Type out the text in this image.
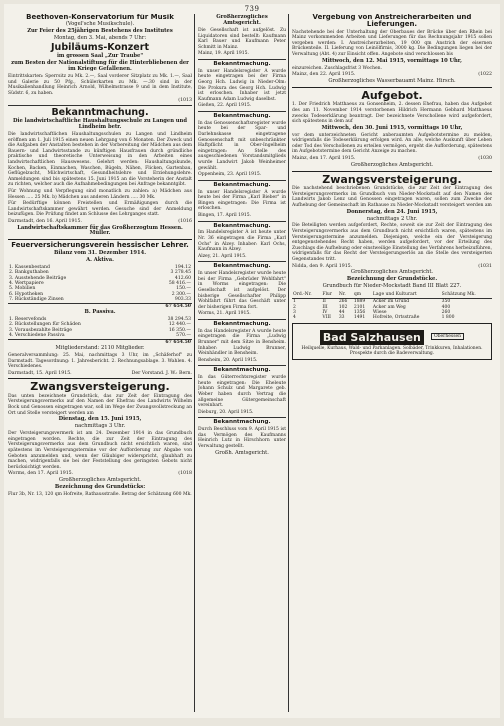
739

Beethoven-Konservatorium für Musik

(Vogel'sche Musikschule).

Zur Feier des 25jährigen Bestehens des Institutes

Montag, den 3. Mai, abends 7 Uhr:

Jubiläums-Konzert

im grossen Saal „Zur Traube"

zum Besten der Nationalstiftung für die Hinterbliebenen der im Kriege Gefallenen.

Eintrittskarten: Sperrsitz zu Mk. 2.—, Saal vorderer Sitzplatz zu Mk. 1.—, Saal und Galerie zu 50 Pfg., Schülerkarten zu Mk. —.30 sind in der Musikalienhandlung Heinrich Arnold, Wilhelmstrasse 9 und in dem Institute, Südstr. 6, zu haben.

(1013

Bekanntmachung.

Die landwirtschaftliche Haushaltungsschule zu Langen und Lindheim betr.

Die landwirtschaftlichen Haushaltungsschulen zu Langen und Lindheim eröffnen am 1. Juli 1915 einen neuen Lehrgang von 6 Monaten. Der Zweck und die Aufgaben der Anstalten bestehen in der Vorbereitung der Mädchen aus dem Bauern- und Landwirtsstande zu künftigen Hausfrauen durch gründliche praktische und theoretische Unterweisung in den Arbeiten eines landwirtschaftlichen Hauswesens. Gelehrt werden: Haushaltungskunde, Kochen, Backen, Einmachen, Waschen, Bügeln, Nähen, Flicken, Gartenbau, Geflügelzucht, Milchwirtschaft, Gesundheitslehre und Erziehungslehre. Anmeldungen sind bis spätestens 15. Juni 1915 an die Vorsteherin der Anstalt zu richten, welcher auch die Aufnahmebedingungen bei Anfrage bekanntgibt.

Für Wohnung und Verpflegung sind monatlich zu zahlen: a) Mädchen aus Hessen ..... 25 Mk. b) Mädchen aus anderen Ländern ..... 30 Mk.

Für Bedürftige können Freistellen und Ermäßigungen durch die Landwirtschaftskammer gewährt werden. Gesuche sind der Anmeldung beizufügen. Die Prüfung findet am Schlusse des Lehrganges statt.

Darmstadt, den 16. April 1915.	(1016

Landwirtschaftskammer für das Großherzogtum Hessen. Müller.

Feuerversicherungsverein hessischer Lehrer.

Bilanz vom 31. Dezember 1914.

A. Aktiva.

1. Kassenbestand	194.12
2. Bankguthaben	3 278.45
3. Ausstehende Beiträge	412.60
4. Wertpapiere	58 416.—
5. Mobilien	150.—
6. Hypotheken	2 300.—
7. Rückständige Zinsen	903.33
	67 654.50

B. Passiva.

1. Reservefonds	38 294.53
2. Rückstellungen für Schäden	12 440.—
3. Vorausbezahlte Beiträge	16 350.—
4. Verschiedene Passiva	570.—
	67 654.50

Mitgliederstand: 2110 Mitglieder.

Generalversammlung: 25. Mai, nachmittags 3 Uhr, im „Schäferhof" zu Darmstadt. Tagesordnung: 1. Jahresbericht. 2. Rechnungsablage. 3. Wahlen. 4. Verschiedenes.

Darmstadt, 15. April 1915.	Der Vorstand. J. W.: Bern.

Zwangsversteigerung.

Das unten bezeichnete Grundstück, das zur Zeit der Eintragung des Versteigerungsvermerks auf den Namen der Ehefrau des Landwirts Wilhelm Bock und Genossen eingetragen war, soll im Wege der Zwangsvollstreckung an Ort und Stelle versteigert werden am

Dienstag, den 15. Juni 1915,

nachmittags 3 Uhr.

Der Versteigerungsvermerk ist am 24. Dezember 1914 in das Grundbuch eingetragen worden. Rechte, die zur Zeit der Eintragung des Versteigerungsvermerks aus dem Grundbuch nicht ersichtlich waren, sind spätestens im Versteigerungstermine vor der Aufforderung zur Abgabe von Geboten anzumelden und, wenn der Gläubiger widerspricht, glaubhaft zu machen, widrigenfalls sie bei der Feststellung des geringsten Gebots nicht berücksichtigt werden.

Worms, den 17. April 1915.	(1018

Großherzogliches Amtsgericht.

Bezeichnung des Grundstücks:

Flur 3b, Nr. 13, 120 qm Hofreite, Rathausstraße. Betrag der Schätzung 600 Mk.

Großherzogliches Amtsgericht.

Die Gesellschaft ist aufgelöst. Zu Liquidatoren sind bestellt: Kaufmann Karl Bauer und Kaufmann Peter Schmitt in Mainz.

Mainz, 19. April 1915.

Bekanntmachung.

In unser Handelsregister A wurde heute eingetragen bei der Firma Georg Hch. Ludwig in Nieder-Olm: Die Prokura des Georg Hch. Ludwig ist erloschen. Inhaber ist jetzt Kaufmann Adam Ludwig daselbst.

Gießen, 22. April 1915.

Bekanntmachung.

In das Genossenschaftsregister wurde heute bei der Spar- und Darlehnskasse eingetragene Genossenschaft mit unbeschränkter Haftpflicht in Ober-Ingelheim eingetragen: An Stelle des ausgeschiedenen Vorstandsmitglieds wurde Landwirt Jakob Weinheimer gewählt.

Oppenheim, 23. April 1915.

Bekanntmachung.

In unser Handelsregister A wurde heute bei der Firma „Karl Bieber" in Bingen eingetragen: Die Firma ist erloschen.

Bingen, 17. April 1915.

Bekanntmachung.

Im Handelsregister A ist heute unter Nr. 36 eingetragen die Firma „Karl Ochs" in Alzey. Inhaber: Karl Ochs, Kaufmann in Alzey.

Alzey, 21. April 1915.

Bekanntmachung.

In unser Handelsregister wurde heute bei der Firma „Gebrüder Wohlfahrt" in Worms eingetragen: Die Gesellschaft ist aufgelöst. Der bisherige Gesellschafter Philipp Wohlfahrt führt das Geschäft unter der bisherigen Firma fort.

Worms, 21. April 1915.

Bekanntmachung.

In das Handelsregister A wurde heute eingetragen die Firma „Ludwig Brunner" mit dem Sitze in Bensheim. Inhaber: Ludwig Brunner, Weinhändler in Bensheim.

Bensheim, 20. April 1915.

Bekanntmachung.

In das Güterrechtsregister wurde heute eingetragen: Die Eheleute Johann Schulz und Margarete geb. Weber haben durch Vertrag die allgemeine Gütergemeinschaft vereinbart.

Dieburg, 20. April 1915.

Bekanntmachung.

Durch Beschluss vom 9. April 1915 ist das Vermögen des Kaufmanns Heinrich Lutz in Hirschhorn unter Verwaltung gestellt.

Großh. Amtsgericht.

Vergebung von Anstreicherarbeiten und Lieferungen.

Nachstehende bei der Unterhaltung der Oberbaues der Brücke über den Rhein bei Mainz vorkommenden Arbeiten und Lieferungen für das Rechnungsjahr 1915 sollen vergeben werden: I. Anstreicherarbeiten, 19 000 qm Anstrich der eisernen Brückenteile. II. Lieferung von Leinölfirnis, 3000 kg. Die Bedingungen liegen bei der Verwaltung (Abt. 4) zur Einsicht offen. Angebote sind verschlossen bis

Mittwoch, den 12. Mai 1915, vormittags 10 Uhr,

einzureichen. Zuschlagsfrist 3 Wochen.

Mainz, den 22. April 1915.	(1022

Großherzogliches Wasserbauamt Mainz. Hirsch.

Aufgebot.

1. Der Friedrich Matthaeus zu Gonsenheim, 2. dessen Ehefrau, haben das Aufgebot des am 11. November 1914 verstorbenen Hildrich Hermann Gebhard Matthaeus zwecks Todeserklärung beantragt. Der bezeichnete Verschollene wird aufgefordert, sich spätestens in dem auf

Mittwoch, den 30. Juni 1915, vormittags 10 Uhr,

vor dem unterzeichneten Gericht anberaumten Aufgebotstermine zu melden, widrigenfalls die Todeserklärung erfolgen wird. An alle, welche Auskunft über Leben oder Tod des Verschollenen zu erteilen vermögen, ergeht die Aufforderung, spätestens im Aufgebotstermine dem Gericht Anzeige zu machen.

Mainz, den 17. April 1915.	(1030

Großherzogliches Amtsgericht.

Zwangsversteigerung.

Die nachstehend beschriebenen Grundstücke, die zur Zeit der Eintragung des Versteigerungsvermerks im Grundbuch von Nieder-Mockstadt auf den Namen des Landwirts Jakob Lenz und Genossen eingetragen waren, sollen zum Zwecke der Aufhebung der Gemeinschaft im Rathause zu Nieder-Mockstadt versteigert werden am

Donnerstag, den 24. Juni 1915,

nachmittags 2 Uhr.

Die Beteiligten werden aufgefordert, Rechte, soweit sie zur Zeit der Eintragung des Versteigerungsvermerks aus dem Grundbuch nicht ersichtlich waren, spätestens im Versteigerungstermine anzumelden. Diejenigen, welche ein der Versteigerung entgegenstehendes Recht haben, werden aufgefordert, vor der Erteilung des Zuschlags die Aufhebung oder einstweilige Einstellung des Verfahrens herbeizuführen, widrigenfalls für das Recht der Versteigerungserlös an die Stelle des versteigerten Gegenstandes tritt.

Nidda, den 9. April 1915.	(1031

Großherzogliches Amtsgericht.

Bezeichnung der Grundstücke.

Grundbuch für Nieder-Mockstadt Band III Blatt 227.

Ord.-Nr.	Flur	Nr.	qm	Lage und Kulturart	Schätzung Mk.
1	II	266	1889	Acker im Grund	350
2	III	102	2101	Acker am Weg	400
3	IV	44	1356	Wiese	260
4	VIII	33	1491	Hofreite, Ortsstraße	1 800
Bad Salzhausen	Oberhessen
Heilquelle, Kurhaus, Wald- und Parkanlagen. Solbäder, Trinkkuren, Inhalationen. Prospekte durch die Badeverwaltung.
